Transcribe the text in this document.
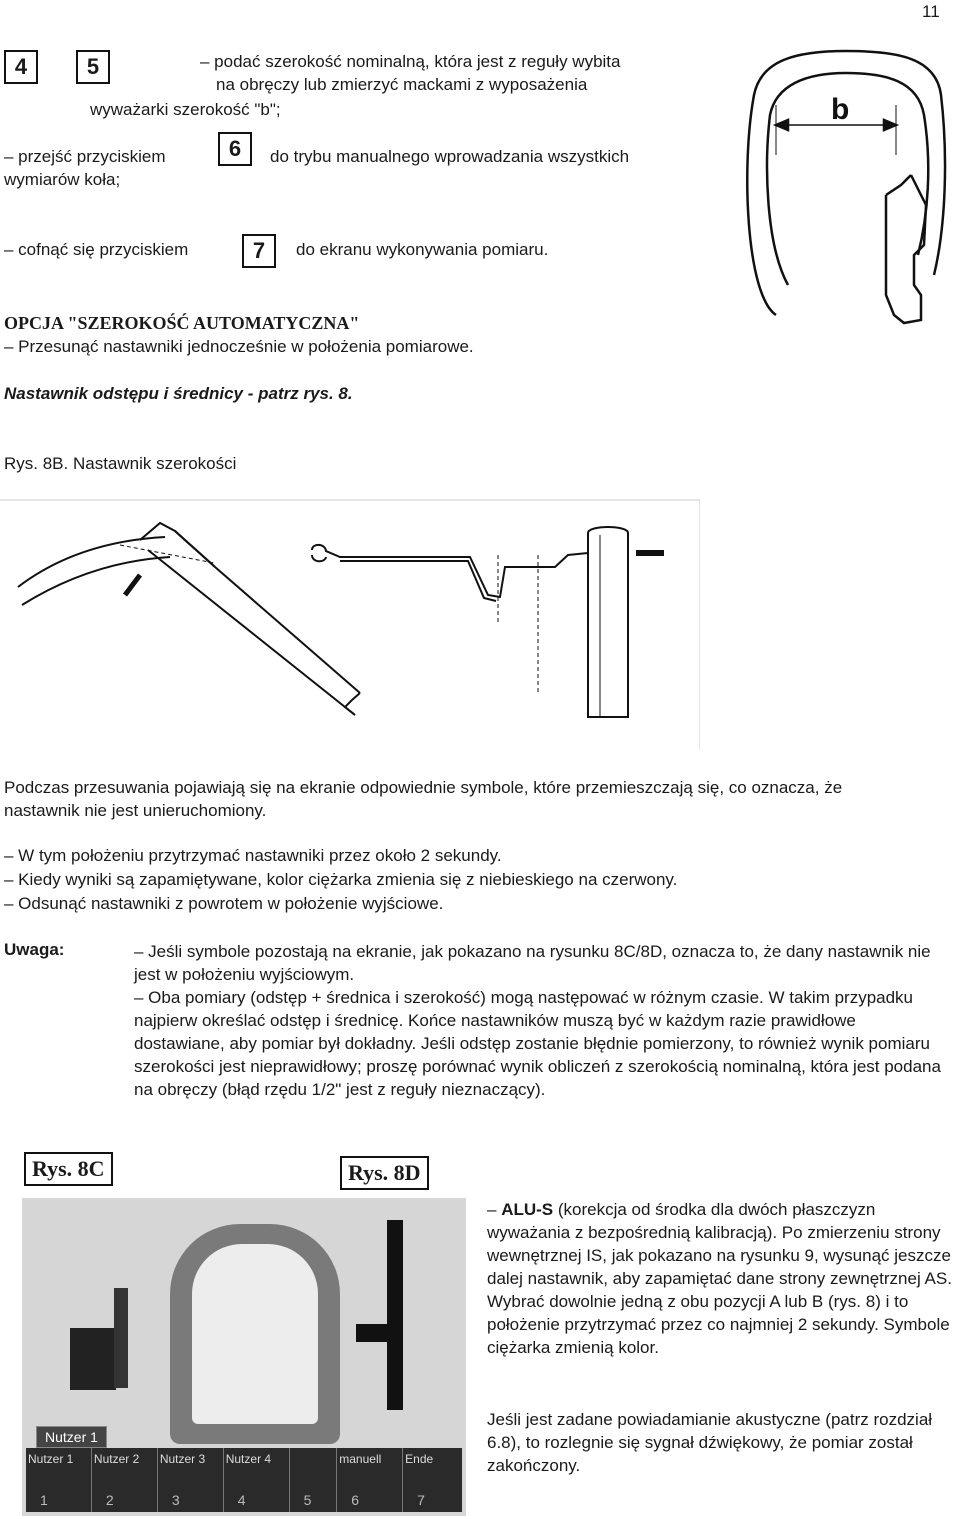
11
4	5	– podać szerokość nominalną, która jest z reguły wybita
na obręczy lub zmierzyć mackami z wyposażenia
wyważarki szerokość "b";
– przejść przyciskiem	6	do trybu manualnego wprowadzania wszystkich
wymiarów koła;
– cofnąć się przyciskiem	7	do ekranu wykonywania pomiaru.
b
OPCJA "SZEROKOŚĆ AUTOMATYCZNA"
– Przesunąć nastawniki jednocześnie w położenia pomiarowe.
Nastawnik odstępu i średnicy - patrz rys. 8.
Rys. 8B. Nastawnik szerokości
Podczas przesuwania pojawiają się na ekranie odpowiednie symbole, które przemieszczają się, co oznacza, że nastawnik nie jest unieruchomiony.
– W tym położeniu przytrzymać nastawniki przez około 2 sekundy.
– Kiedy wyniki są zapamiętywane, kolor ciężarka zmienia się z niebieskiego na czerwony.
– Odsunąć nastawniki z powrotem w położenie wyjściowe.
Uwaga:	– Jeśli symbole pozostają na ekranie, jak pokazano na rysunku 8C/8D, oznacza to, że dany nastawnik nie jest w położeniu wyjściowym.
– Oba pomiary (odstęp + średnica i szerokość) mogą następować w różnym czasie. W takim przypadku najpierw określać odstęp i średnicę. Końce nastawników muszą być w każdym razie prawidłowe dostawiane, aby pomiar był dokładny. Jeśli odstęp zostanie błędnie pomierzony, to również wynik pomiaru szerokości jest nieprawidłowy; proszę porównać wynik obliczeń z szerokością nominalną, która jest podana na obręczy (błąd rzędu 1/2" jest z reguły nieznaczący).
Rys. 8C	Rys. 8D
Nutzer 1
Nutzer 1
1
Nutzer 2
2
Nutzer 3
3
Nutzer 4
4	5
manuell
6
Ende
7
– ALU-S (korekcja od środka dla dwóch płaszczyzn wyważania z bezpośrednią kalibracją). Po zmierzeniu strony wewnętrznej IS, jak pokazano na rysunku 9, wysunąć jeszcze dalej nastawnik, aby zapamiętać dane strony zewnętrznej AS. Wybrać dowolnie jedną z obu pozycji A lub B (rys. 8) i to położenie przytrzymać przez co najmniej 2 sekundy. Symbole ciężarka zmienią kolor.
Jeśli jest zadane powiadamianie akustyczne (patrz rozdział 6.8), to rozlegnie się sygnał dźwiękowy, że pomiar został zakończony.
